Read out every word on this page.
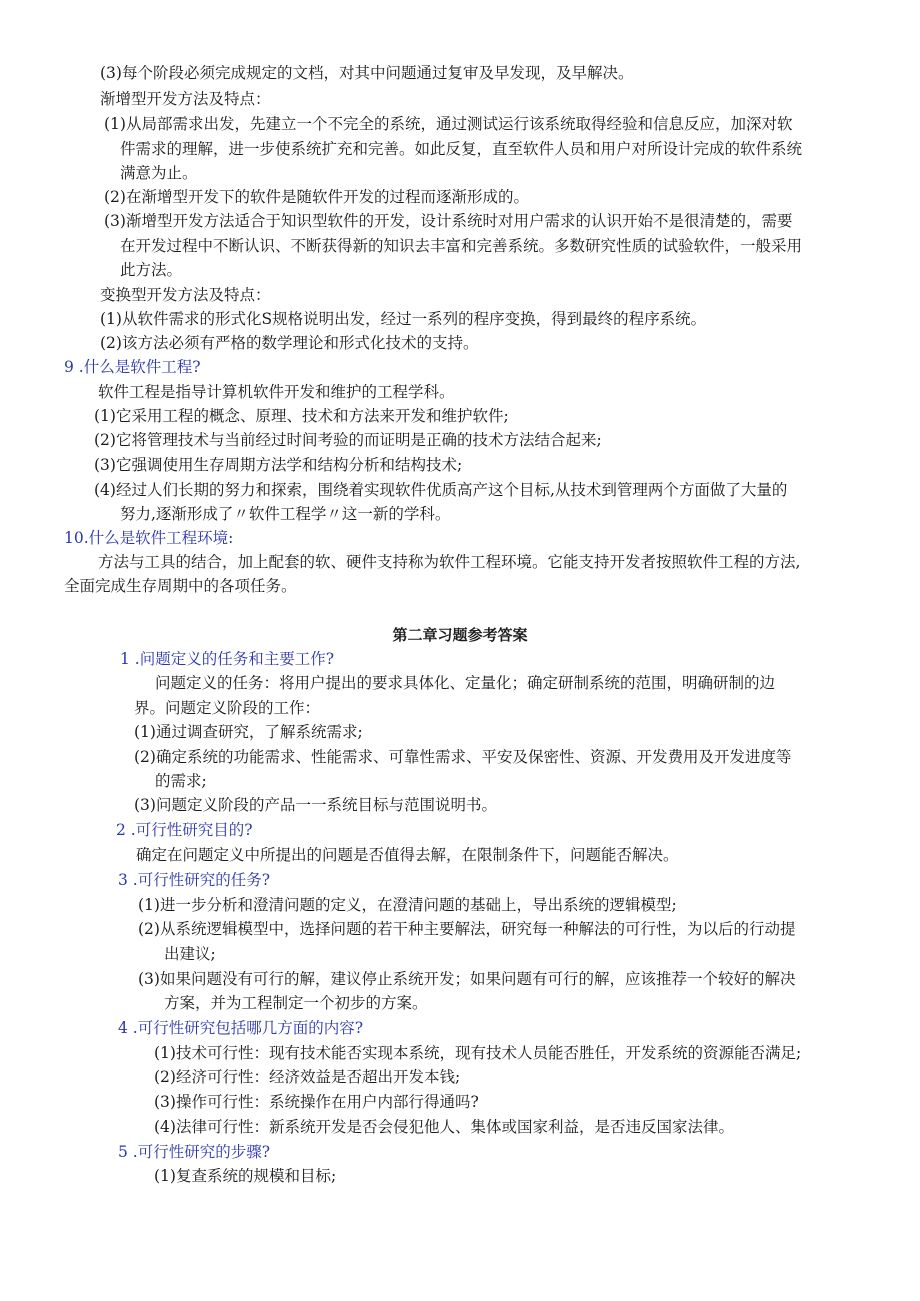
(3)每个阶段必须完成规定的文档，对其中问题通过复审及早发现，及早解决。
渐增型开发方法及特点：
(1)从局部需求出发，先建立一个不完全的系统，通过测试运行该系统取得经验和信息反应，加深对软
件需求的理解，进一步使系统扩充和完善。如此反复，直至软件人员和用户对所设计完成的软件系统
满意为止。
(2)在渐增型开发下的软件是随软件开发的过程而逐渐形成的。
(3)渐增型开发方法适合于知识型软件的开发，设计系统时对用户需求的认识开始不是很清楚的，需要
在开发过程中不断认识、不断获得新的知识去丰富和完善系统。多数研究性质的试验软件，一般采用
此方法。
变换型开发方法及特点：
(1)从软件需求的形式化S规格说明出发，经过一系列的程序变换，得到最终的程序系统。
(2)该方法必须有严格的数学理论和形式化技术的支持。
9 .什么是软件工程?
软件工程是指导计算机软件开发和维护的工程学科。
(1)它采用工程的概念、原理、技术和方法来开发和维护软件;
(2)它将管理技术与当前经过时间考验的而证明是正确的技术方法结合起来;
(3)它强调使用生存周期方法学和结构分析和结构技术;
(4)经过人们长期的努力和探索，围绕着实现软件优质高产这个目标,从技术到管理两个方面做了大量的
努力,逐渐形成了〃软件工程学〃这一新的学科。
10.什么是软件工程环境:
方法与工具的结合，加上配套的软、硬件支持称为软件工程环境。它能支持开发者按照软件工程的方法,
全面完成生存周期中的各项任务。
第二章习题参考答案
1 .问题定义的任务和主要工作?
问题定义的任务：将用户提出的要求具体化、定量化；确定研制系统的范围，明确研制的边
界。问题定义阶段的工作：
(1)通过调查研究，了解系统需求;
(2)确定系统的功能需求、性能需求、可靠性需求、平安及保密性、资源、开发费用及开发进度等
的需求;
(3)问题定义阶段的产品一一系统目标与范围说明书。
2 .可行性研究目的?
确定在问题定义中所提出的问题是否值得去解，在限制条件下，问题能否解决。
3 .可行性研究的任务?
(1)进一步分析和澄清问题的定义，在澄清问题的基础上，导出系统的逻辑模型;
(2)从系统逻辑模型中，选择问题的若干种主要解法，研究每一种解法的可行性，为以后的行动提
出建议;
(3)如果问题没有可行的解，建议停止系统开发；如果问题有可行的解，应该推荐一个较好的解决
方案，并为工程制定一个初步的方案。
4 .可行性研究包括哪几方面的内容?
(1)技术可行性：现有技术能否实现本系统，现有技术人员能否胜任，开发系统的资源能否满足;
(2)经济可行性：经济效益是否超出开发本钱;
(3)操作可行性：系统操作在用户内部行得通吗?
(4)法律可行性：新系统开发是否会侵犯他人、集体或国家利益，是否违反国家法律。
5 .可行性研究的步骤?
(1)复查系统的规模和目标;
